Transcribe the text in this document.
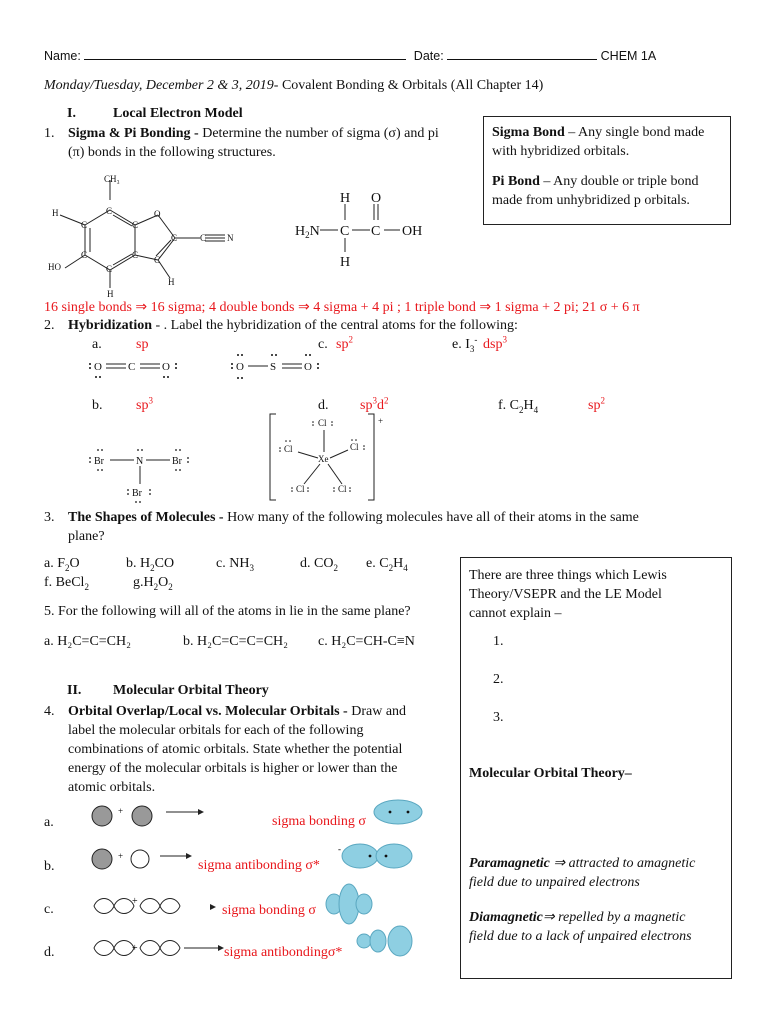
Name:	Date:	CHEM 1A
Monday/Tuesday, December 2 & 3, 2019- Covalent Bonding & Orbitals (All Chapter 14)
I.	Local Electron Model
1. Sigma & Pi Bonding - Determine the number of sigma (σ) and pi
(π) bonds in the following structures.
Sigma Bond – Any single bond made
with hybridized orbitals.
Pi Bond – Any double or triple bond
made from unhybridized p orbitals.
CH₃
C
C
C
C
C
C
O
C
C
C N
H
HO
H
H
H O
$H_2N$ C C OH
H
16 single bonds ⇒ 16 sigma; 4 double bonds ⇒ 4 sigma + 4 pi ; 1 triple bond ⇒ 1 sigma + 2 pi; 21 σ + 6 π
2. Hybridization - . Label the hybridization of the central atoms for the following:
a. sp	c. $sp^2$	e. $I_3^-$ dsp$^3$
O C O	O S	O
b. $sp^3$	d. $sp^3d^2$	f. $C_2H_4$	$sp^2$
Br	N	Br
Br
Cl
Cl	Cl
Xe
Cl	Cl
+
3. The Shapes of Molecules - How many of the following molecules have all of their atoms in the same
plane?
a. $F_2O$	b. $H_2CO$	c. $NH_3$	d. $CO_2$ e. $C_2H_4$
f. BeCl$_2$	$g.H_2O_2$
5. For the following will all of the atoms in lie in the same plane?
a. H₂C=C=CH₂	b. H₂C=C=C=CH₂ c. H₂C=CH-C≡N
There are three things which Lewis
Theory/VSEPR and the LE Model
cannot explain –
1.
2.
3.
Molecular Orbital Theory–
Paramagnetic ⇒ attracted to amagnetic
field due to unpaired electrons
Diamagnetic⇒ repelled by a magnetic
field due to a lack of unpaired electrons
II. Molecular Orbital Theory
4. Orbital Overlap/Local vs. Molecular Orbitals - Draw and
label the molecular orbitals for each of the following
combinations of atomic orbitals. State whether the potential
energy of the molecular orbitals is higher or lower than the
atomic orbitals.
a.
+
sigma bonding σ
b.
+
sigma antibonding σ*
-
c.
+
sigma bonding σ
d.	+	sigma antibondingσ*
